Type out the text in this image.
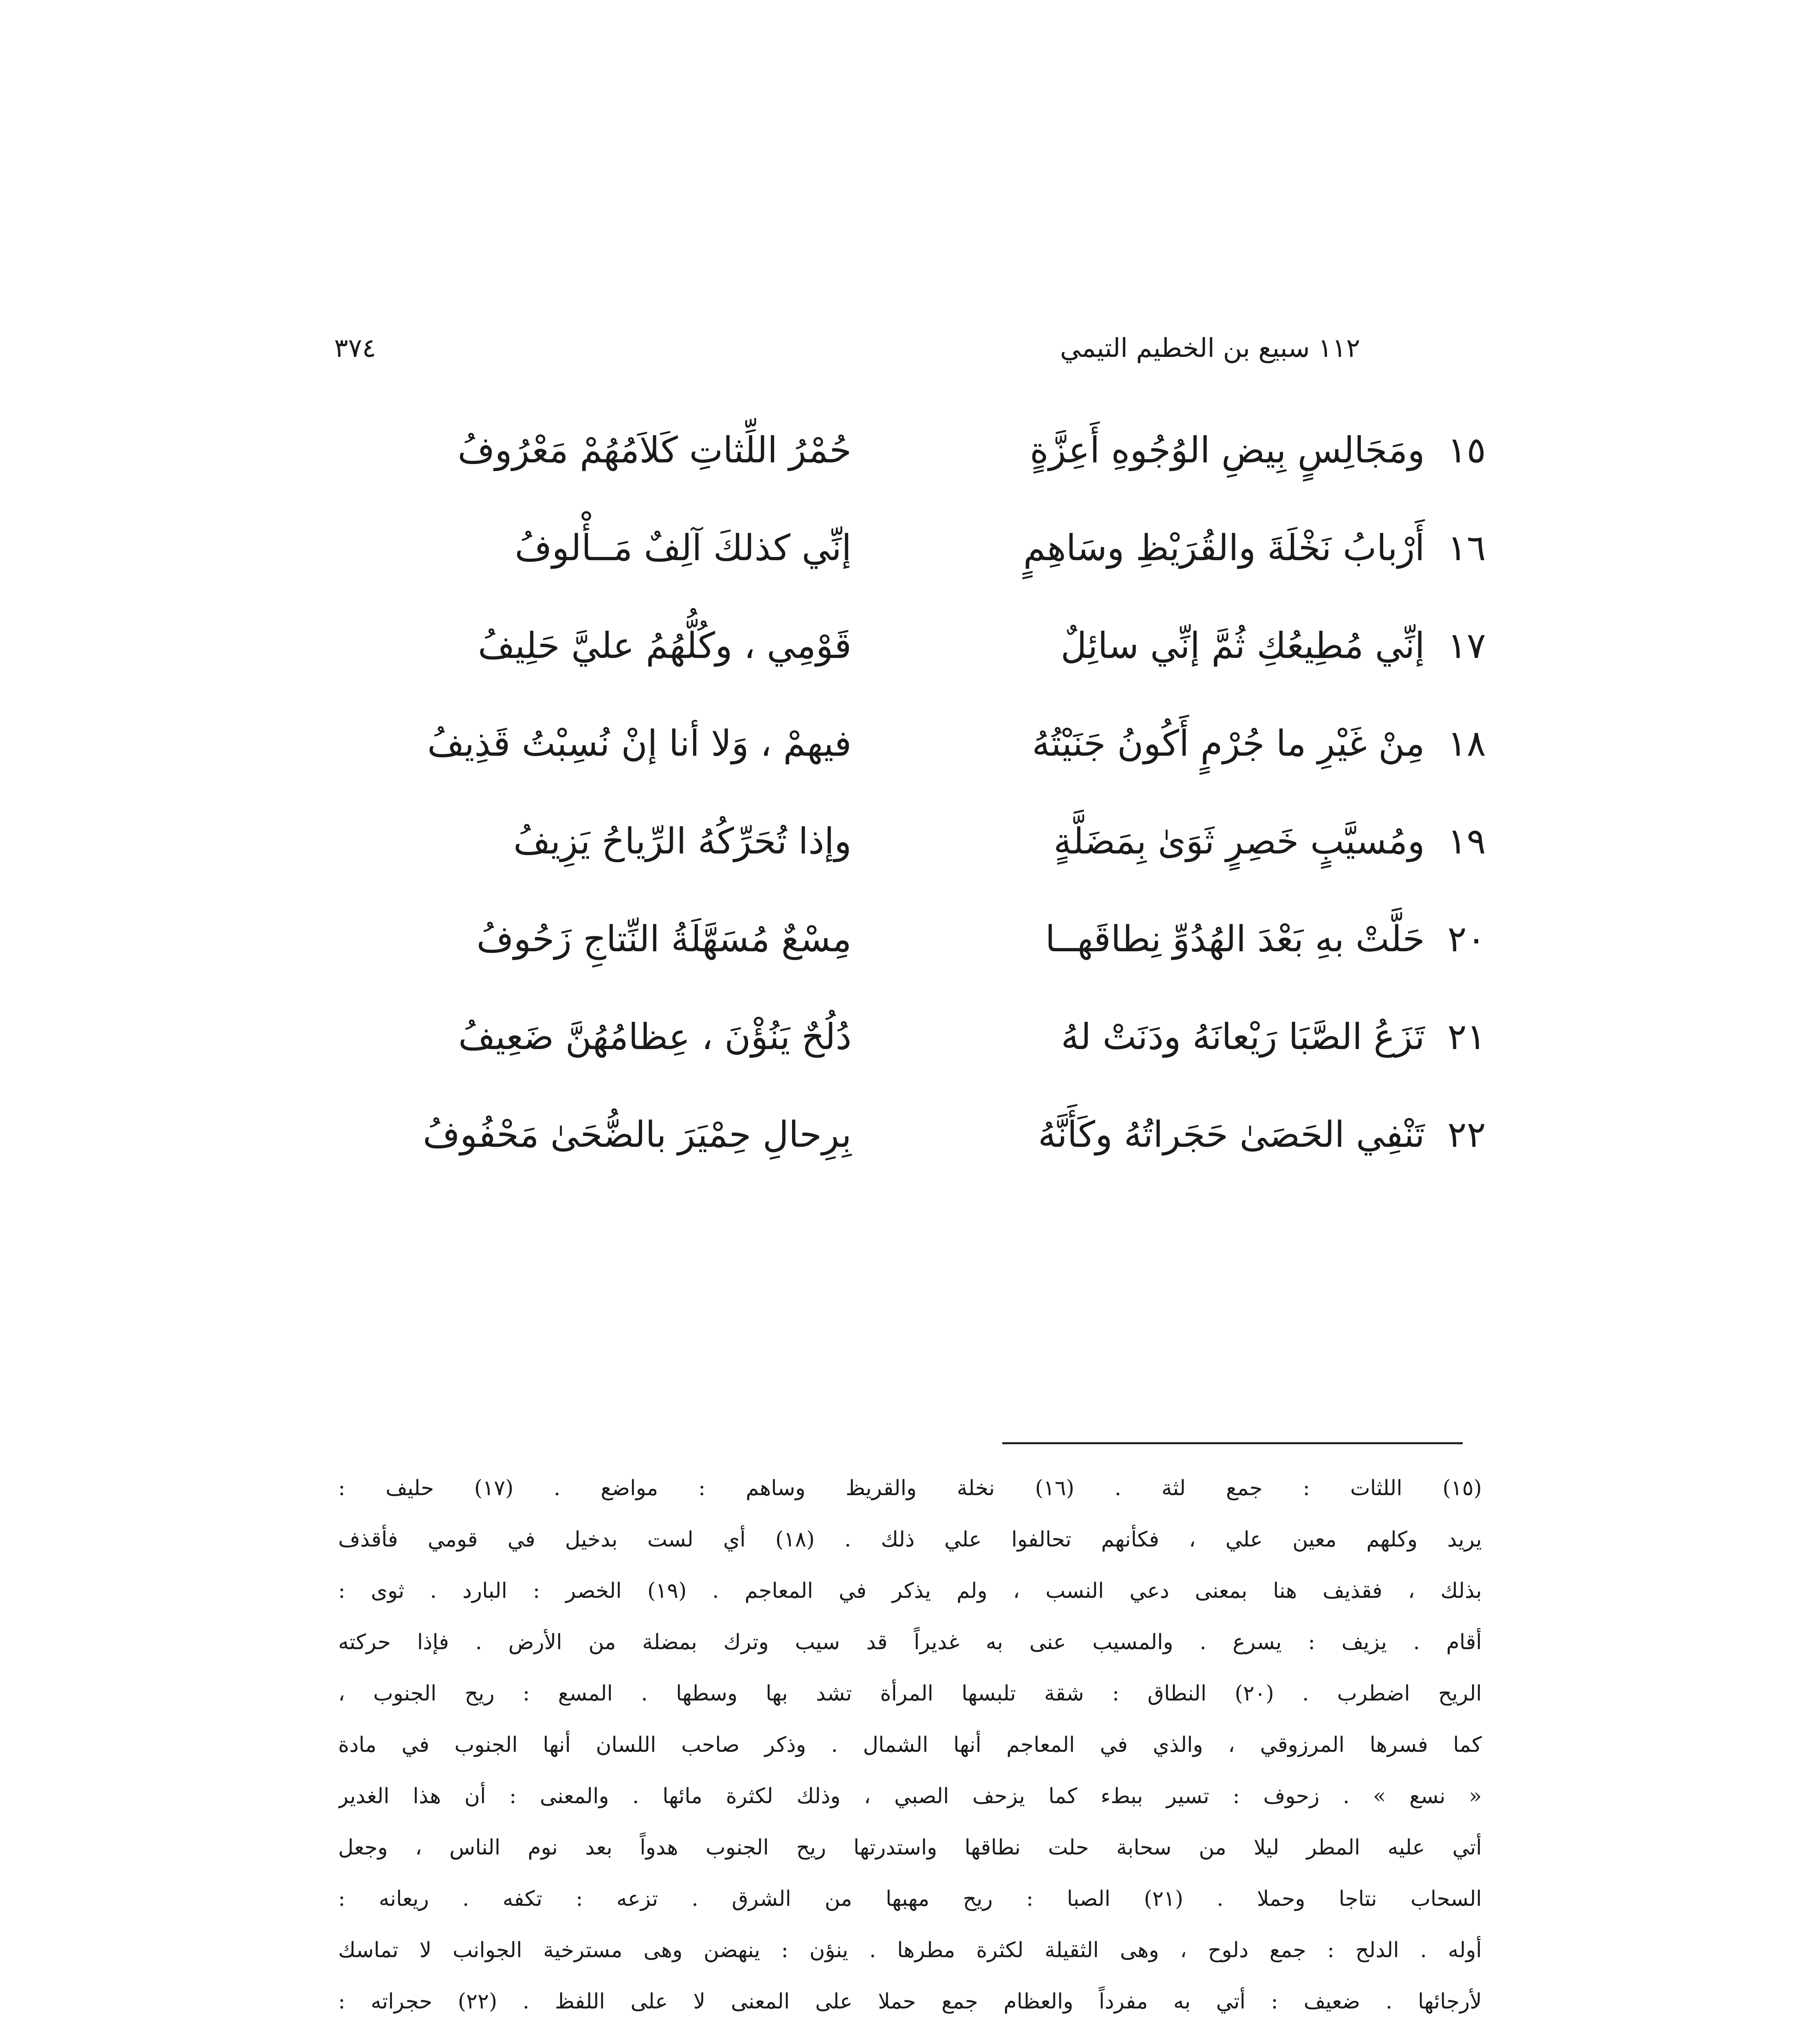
٣٧٤	١١٢ سبيع بن الخطيم التيمي
١٥
ومَجَالِسٍ بِيضِ الوُجُوهِ أَعِزَّةٍ
حُمْرُ اللِّثاتِ كَلاَمُهُمْ مَعْرُوفُ
١٦
أَرْبابُ نَخْلَةَ والقُرَيْظِ وسَاهِمٍ
إنِّي كذلكَ آلِفٌ مَــأْلوفُ
١٧
إنِّي مُطِيعُكِ ثُمَّ إنِّي سائِلٌ
قَوْمِي ، وكُلُّهُمُ عليَّ حَلِيفُ
١٨
مِنْ غَيْرِ ما جُرْمٍ أَكُونُ جَنَيْتُهُ
فيهمْ ، وَلا أنا إنْ نُسِبْتُ قَذِيفُ
١٩
ومُسيَّبٍ خَصِرٍ ثَوَىٰ بِمَضَلَّةٍ
وإذا تُحَرِّكُهُ الرِّياحُ يَزِيفُ
٢٠
حَلَّتْ بهِ بَعْدَ الهُدُوِّ نِطاقَهــا
مِسْعٌ مُسَهَّلَةُ النِّتاجِ زَحُوفُ
٢١
تَزَعُ الصَّبَا رَيْعانَهُ ودَنَتْ لهُ
دُلُحٌ يَنُؤْنَ ، عِظامُهُنَّ ضَعِيفُ
٢٢
تَنْفِي الحَصَىٰ حَجَراتُهُ وكَأَنَّهُ
بِرِحالِ حِمْيَرَ بالضُّحَىٰ مَحْفُوفُ
(١٥) اللثات : جمع لثة . (١٦) نخلة والقريظ وساهم : مواضع . (١٧) حليف :
يريد وكلهم معين علي ، فكأنهم تحالفوا علي ذلك . (١٨) أي لست بدخيل في قومي فأقذف
بذلك ، فقذيف هنا بمعنى دعي النسب ، ولم يذكر في المعاجم . (١٩) الخصر : البارد . ثوى :
أقام . يزيف : يسرع . والمسيب عنى به غديراً قد سيب وترك بمضلة من الأرض . فإذا حركته
الريح اضطرب . (٢٠) النطاق : شقة تلبسها المرأة تشد بها وسطها . المسع : ريح الجنوب ،
كما فسرها المرزوقي ، والذي في المعاجم أنها الشمال . وذكر صاحب اللسان أنها الجنوب في مادة
« نسع » . زحوف : تسير ببطء كما يزحف الصبي ، وذلك لكثرة مائها . والمعنى : أن هذا الغدير
أتي عليه المطر ليلا من سحابة حلت نطاقها واستدرتها ريح الجنوب هدواً بعد نوم الناس ، وجعل
السحاب نتاجا وحملا . (٢١) الصبا : ريح مهبها من الشرق . تزعه : تكفه . ريعانه :
أوله . الدلح : جمع دلوح ، وهى الثقيلة لكثرة مطرها . ينؤن : ينهضن وهى مسترخية الجوانب لا تماسك
لأرجائها . ضعيف : أتي به مفرداً والعظام جمع حملا على المعنى لا على اللفظ . (٢٢) حجراته :
